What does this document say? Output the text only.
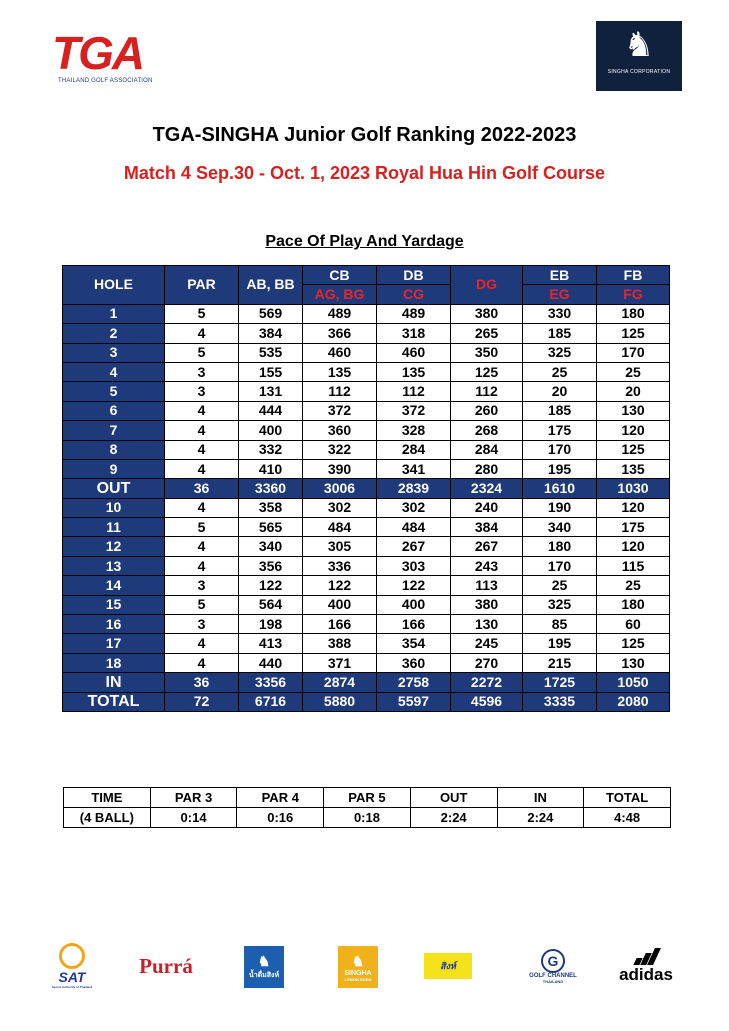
TGA
THAILAND GOLF ASSOCIATION
♞
SINGHA CORPORATION
TGA-SINGHA Junior Golf Ranking 2022-2023
Match 4 Sep.30 - Oct. 1, 2023 Royal Hua Hin Golf Course
Pace Of Play And Yardage
HOLE	PAR	AB, BB	CB	DB	DG	EB	FB
			AG, BG	CG		EG	FG
1	5	569	489	489	380	330	180
2	4	384	366	318	265	185	125
3	5	535	460	460	350	325	170
4	3	155	135	135	125	25	25
5	3	131	112	112	112	20	20
6	4	444	372	372	260	185	130
7	4	400	360	328	268	175	120
8	4	332	322	284	284	170	125
9	4	410	390	341	280	195	135
OUT	36	3360	3006	2839	2324	1610	1030
10	4	358	302	302	240	190	120
11	5	565	484	484	384	340	175
12	4	340	305	267	267	180	120
13	4	356	336	303	243	170	115
14	3	122	122	122	113	25	25
15	5	564	400	400	380	325	180
16	3	198	166	166	130	85	60
17	4	413	388	354	245	195	125
18	4	440	371	360	270	215	130
IN	36	3356	2874	2758	2272	1725	1050
TOTAL	72	6716	5880	5597	4596	3335	2080
TIME	PAR 3	PAR 4	PAR 5	OUT	IN	TOTAL
(4 BALL)	0:14	0:16	0:18	2:24	2:24	4:48
SAT
Sports Authority of Thailand
Purrá	♞
น้ำดื่มสิงห์
♞
SINGHA
LEMON SODA
สิงห์	G
GOLF CHANNEL
THAILAND	adidas
